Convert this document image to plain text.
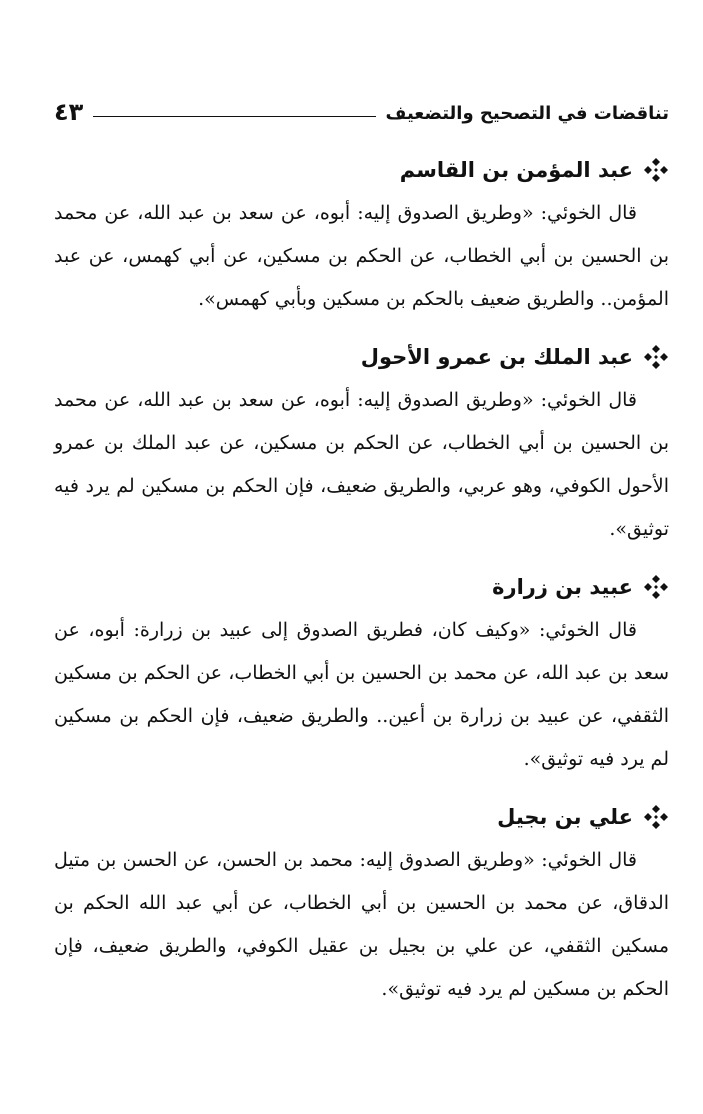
تناقضات في التصحيح والتضعيف
٤٣
عبد المؤمن بن القاسم

قال الخوئي: «وطريق الصدوق إليه: أبوه، عن سعد بن عبد الله، عن محمد بن الحسين بن أبي الخطاب، عن الحكم بن مسكين، عن أبي كهمس، عن عبد المؤمن.. والطريق ضعيف بالحكم بن مسكين وبأبي كهمس».

عبد الملك بن عمرو الأحول

قال الخوئي: «وطريق الصدوق إليه: أبوه، عن سعد بن عبد الله، عن محمد بن الحسين بن أبي الخطاب، عن الحكم بن مسكين، عن عبد الملك بن عمرو الأحول الكوفي، وهو عربي، والطريق ضعيف، فإن الحكم بن مسكين لم يرد فيه توثيق».

عبيد بن زرارة

قال الخوئي: «وكيف كان، فطريق الصدوق إلى عبيد بن زرارة: أبوه، عن سعد بن عبد الله، عن محمد بن الحسين بن أبي الخطاب، عن الحكم بن مسكين الثقفي، عن عبيد بن زرارة بن أعين.. والطريق ضعيف، فإن الحكم بن مسكين لم يرد فيه توثيق».

علي بن بجيل

قال الخوئي: «وطريق الصدوق إليه: محمد بن الحسن، عن الحسن بن متيل الدقاق، عن محمد بن الحسين بن أبي الخطاب، عن أبي عبد الله الحكم بن مسكين الثقفي، عن علي بن بجيل بن عقيل الكوفي، والطريق ضعيف، فإن الحكم بن مسكين لم يرد فيه توثيق».
